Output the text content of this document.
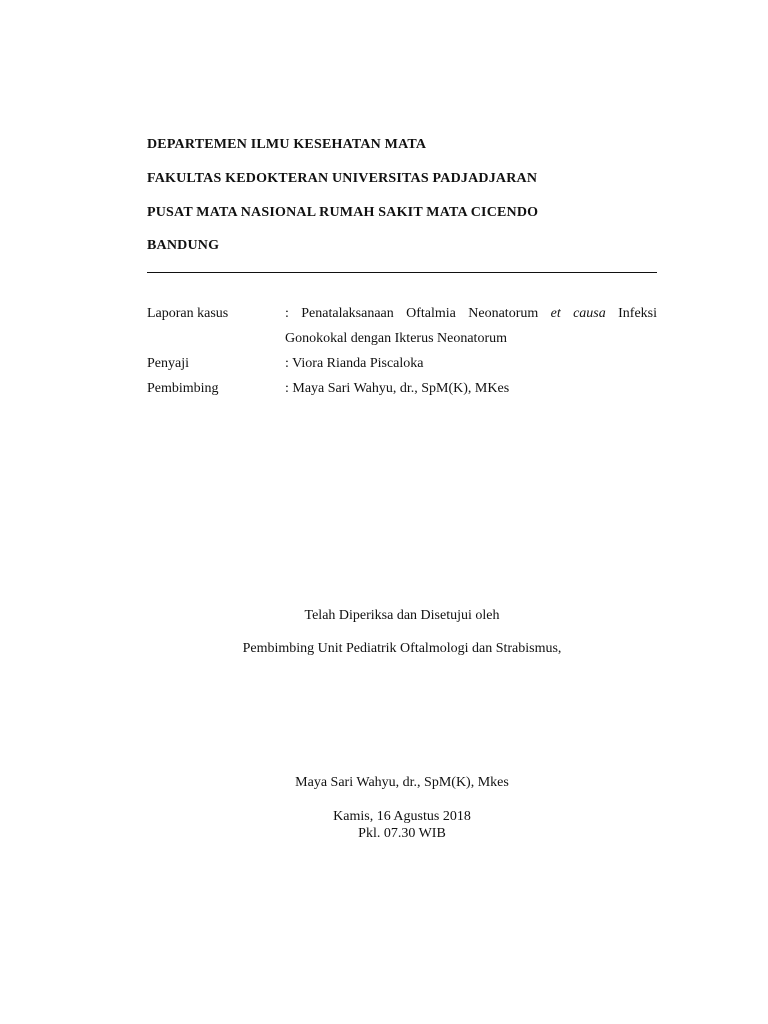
DEPARTEMEN ILMU KESEHATAN MATA
FAKULTAS KEDOKTERAN UNIVERSITAS PADJADJARAN
PUSAT MATA NASIONAL RUMAH SAKIT MATA CICENDO
BANDUNG
Laporan kasus	: Penatalaksanaan Oftalmia Neonatorum et causa Infeksi
Gonokokal dengan Ikterus Neonatorum
Penyaji	: Viora Rianda Piscaloka
Pembimbing	: Maya Sari Wahyu, dr., SpM(K), MKes
Telah Diperiksa dan Disetujui oleh
Pembimbing Unit Pediatrik Oftalmologi dan Strabismus,
Maya Sari Wahyu, dr., SpM(K), Mkes
Kamis, 16 Agustus 2018
Pkl. 07.30 WIB
